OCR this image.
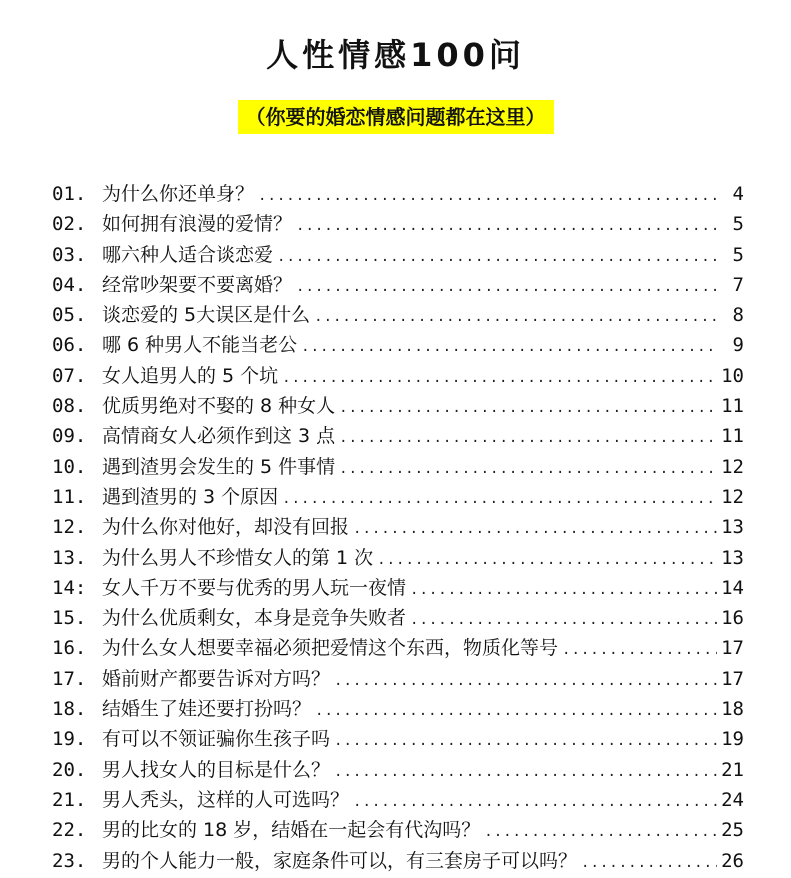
人性情感100问
（你要的婚恋情感问题都在这里）
01. 为什么你还单身？ .....	4
02. 如何拥有浪漫的爱情？ .....	5
03. 哪六种人适合谈恋爱 .....	5
04. 经常吵架要不要离婚？ .....	7
05. 谈恋爱的 5大误区是什么 .....	8
06. 哪 6 种男人不能当老公 .....	9
07. 女人追男人的 5 个坑 .....	10
08. 优质男绝对不娶的 8 种女人 .....	11
09. 高情商女人必须作到这 3 点 .....	11
10. 遇到渣男会发生的 5 件事情 .....	12
11. 遇到渣男的 3 个原因 .....	12
12. 为什么你对他好，却没有回报 .....	13
13. 为什么男人不珍惜女人的第 1 次 .....	13
14: 女人千万不要与优秀的男人玩一夜情 .....	14
15. 为什么优质剩女，本身是竞争失败者 .....	16
16. 为什么女人想要幸福必须把爱情这个东西，物质化等号 .....	17
17. 婚前财产都要告诉对方吗？ .....	17
18. 结婚生了娃还要打扮吗？ .....	18
19. 有可以不领证骗你生孩子吗 .....	19
20. 男人找女人的目标是什么？ .....	21
21. 男人秃头，这样的人可选吗？ .....	24
22. 男的比女的 18 岁，结婚在一起会有代沟吗？ .....	25
23. 男的个人能力一般，家庭条件可以，有三套房子可以吗？ .....	26
